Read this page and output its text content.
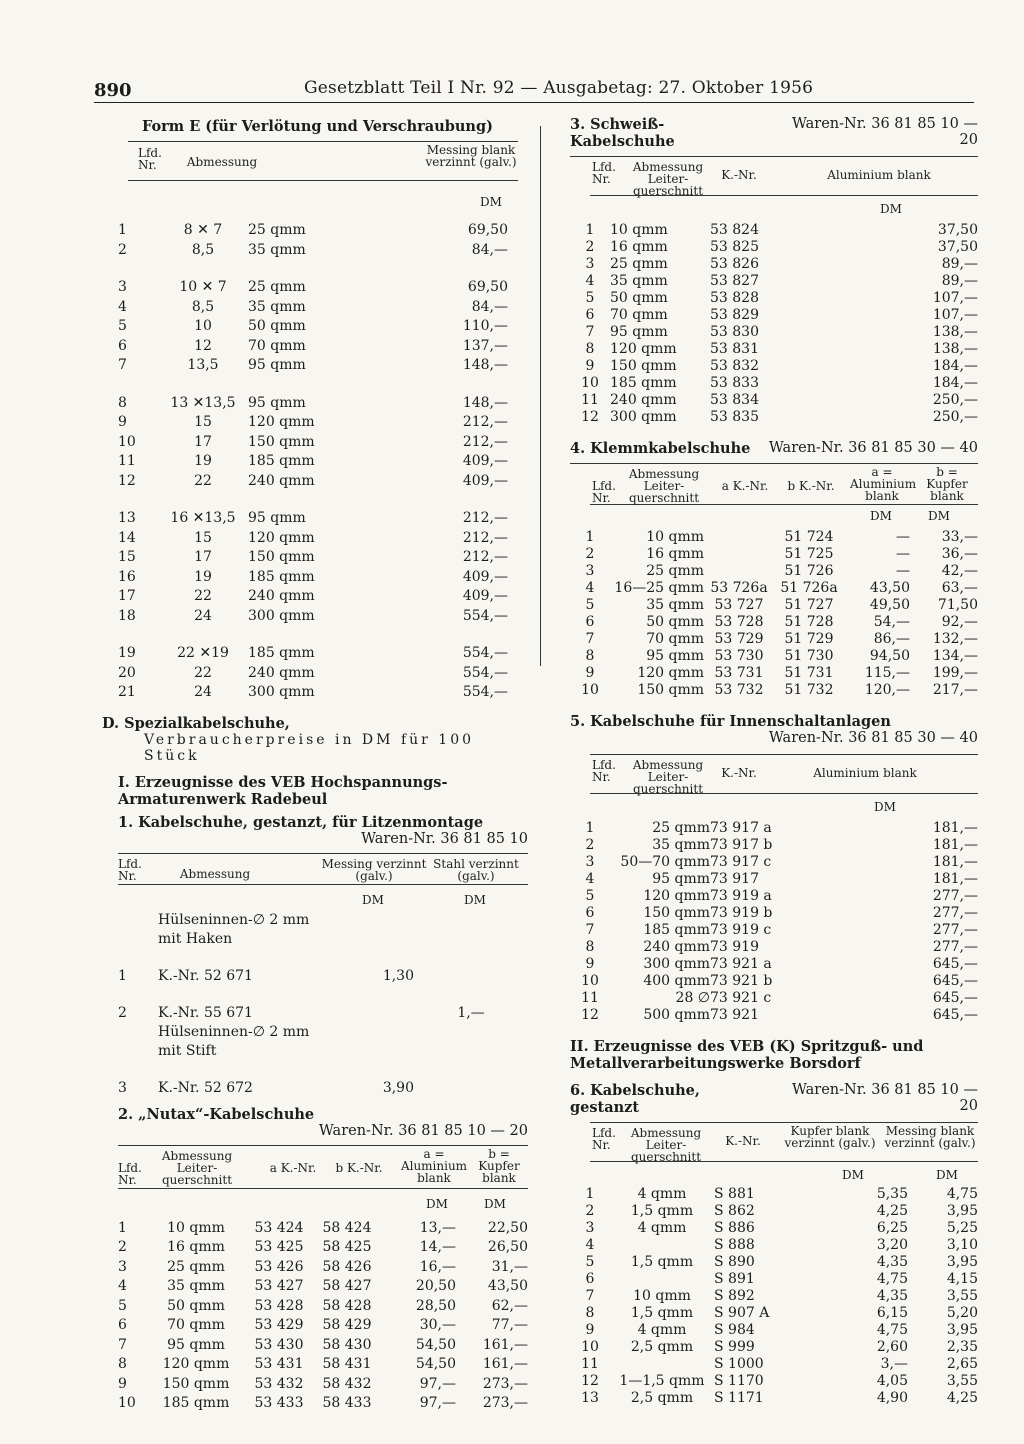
890	Gesetzblatt Teil I Nr. 92 — Ausgabetag: 27. Oktober 1956
Form E (für Verlötung und Verschraubung)
Lfd. Nr.	Abmessung
Messing blank verzinnt (galv.)
DM
1	8 ✕ 7	25 qmm	69,50
2	8,5	35 qmm	84,—

3	10 ✕ 7	25 qmm	69,50
4	8,5	35 qmm	84,—
5	10	50 qmm	110,—
6	12	70 qmm	137,—
7	13,5	95 qmm	148,—

8	13 ✕13,5	95 qmm	148,—
9	15	120 qmm	212,—
10	17	150 qmm	212,—
11	19	185 qmm	409,—
12	22	240 qmm	409,—

13	16 ✕13,5	95 qmm	212,—
14	15	120 qmm	212,—
15	17	150 qmm	212,—
16	19	185 qmm	409,—
17	22	240 qmm	409,—
18	24	300 qmm	554,—

19	22 ✕19	185 qmm	554,—
20	22	240 qmm	554,—
21	24	300 qmm	554,—
D. Spezialkabelschuhe,
Verbraucherpreise in DM für 100 Stück
I. Erzeugnisse des VEB Hochspannungs-Armaturenwerk Radebeul
1. Kabelschuhe, gestanzt, für Litzenmontage
Waren-Nr. 36 81 85 10
Lfd. Nr.	Abmessung
Messing verzinnt (galv.)
Stahl verzinnt (galv.)
DM	DM
	Hülseninnen-∅ 2 mm		
	mit Haken		

1	K.-Nr. 52 671	1,30	

2	K.-Nr. 55 671		1,—
	Hülseninnen-∅ 2 mm		
	mit Stift		

3	K.-Nr. 52 672	3,90	
2. „Nutax“-Kabelschuhe
Waren-Nr. 36 81 85 10 — 20
Lfd. Nr.
Abmessung Leiter-querschnitt
a K.-Nr. b K.-Nr.
a = Aluminium blank
b = Kupfer blank
DM	DM
1	10 qmm	53 424	58 424	13,—	22,50
2	16 qmm	53 425	58 425	14,—	26,50
3	25 qmm	53 426	58 426	16,—	31,—
4	35 qmm	53 427	58 427	20,50	43,50
5	50 qmm	53 428	58 428	28,50	62,—
6	70 qmm	53 429	58 429	30,—	77,—
7	95 qmm	53 430	58 430	54,50	161,—
8	120 qmm	53 431	58 431	54,50	161,—
9	150 qmm	53 432	58 432	97,—	273,—
10	185 qmm	53 433	58 433	97,—	273,—
3. Schweiß-Kabelschuhe
Waren-Nr. 36 81 85 10 — 20
Lfd. Nr.
Abmessung Leiter-querschnitt
K.-Nr.	Aluminium blank
DM
1	10 qmm	53 824	37,50
2	16 qmm	53 825	37,50
3	25 qmm	53 826	89,—
4	35 qmm	53 827	89,—
5	50 qmm	53 828	107,—
6	70 qmm	53 829	107,—
7	95 qmm	53 830	138,—
8	120 qmm	53 831	138,—
9	150 qmm	53 832	184,—
10	185 qmm	53 833	184,—
11	240 qmm	53 834	250,—
12	300 qmm	53 835	250,—
4. Klemmkabelschuhe Waren-Nr. 36 81 85 30 — 40
Lfd. Nr.
Abmessung Leiter-querschnitt
a K.-Nr. b K.-Nr.
a = Aluminium blank
b = Kupfer blank
DM	DM
1	10 qmm		51 724	—	33,—
2	16 qmm		51 725	—	36,—
3	25 qmm		51 726	—	42,—
4	16—25 qmm	53 726a	51 726a	43,50	63,—
5	35 qmm	53 727	51 727	49,50	71,50
6	50 qmm	53 728	51 728	54,—	92,—
7	70 qmm	53 729	51 729	86,—	132,—
8	95 qmm	53 730	51 730	94,50	134,—
9	120 qmm	53 731	51 731	115,—	199,—
10	150 qmm	53 732	51 732	120,—	217,—
5. Kabelschuhe für Innenschaltanlagen
Waren-Nr. 36 81 85 30 — 40
Lfd. Nr.
Abmessung Leiter-querschnitt
K.-Nr.	Aluminium blank
DM
1	25 qmm	73 917 a	181,—
2	35 qmm	73 917 b	181,—
3	50—70 qmm	73 917 c	181,—
4	95 qmm	73 917	181,—
5	120 qmm	73 919 a	277,—
6	150 qmm	73 919 b	277,—
7	185 qmm	73 919 c	277,—
8	240 qmm	73 919	277,—
9	300 qmm	73 921 a	645,—
10	400 qmm	73 921 b	645,—
11	28 ∅	73 921 c	645,—
12	500 qmm	73 921	645,—
II. Erzeugnisse des VEB (K) Spritzguß- und Metallverarbeitungswerke Borsdorf
6. Kabelschuhe, gestanzt
Waren-Nr. 36 81 85 10 — 20
Lfd. Nr.
Abmessung Leiter-querschnitt
K.-Nr.
Kupfer blank verzinnt (galv.)
Messing blank verzinnt (galv.)
DM	DM
1	4 qmm	S 881	5,35	4,75
2	1,5 qmm	S 862	4,25	3,95
3	4 qmm	S 886	6,25	5,25
4		S 888	3,20	3,10
5	1,5 qmm	S 890	4,35	3,95
6		S 891	4,75	4,15
7	10 qmm	S 892	4,35	3,55
8	1,5 qmm	S 907 A	6,15	5,20
9	4 qmm	S 984	4,75	3,95
10	2,5 qmm	S 999	2,60	2,35
11		S 1000	3,—	2,65
12	1—1,5 qmm	S 1170	4,05	3,55
13	2,5 qmm	S 1171	4,90	4,25
